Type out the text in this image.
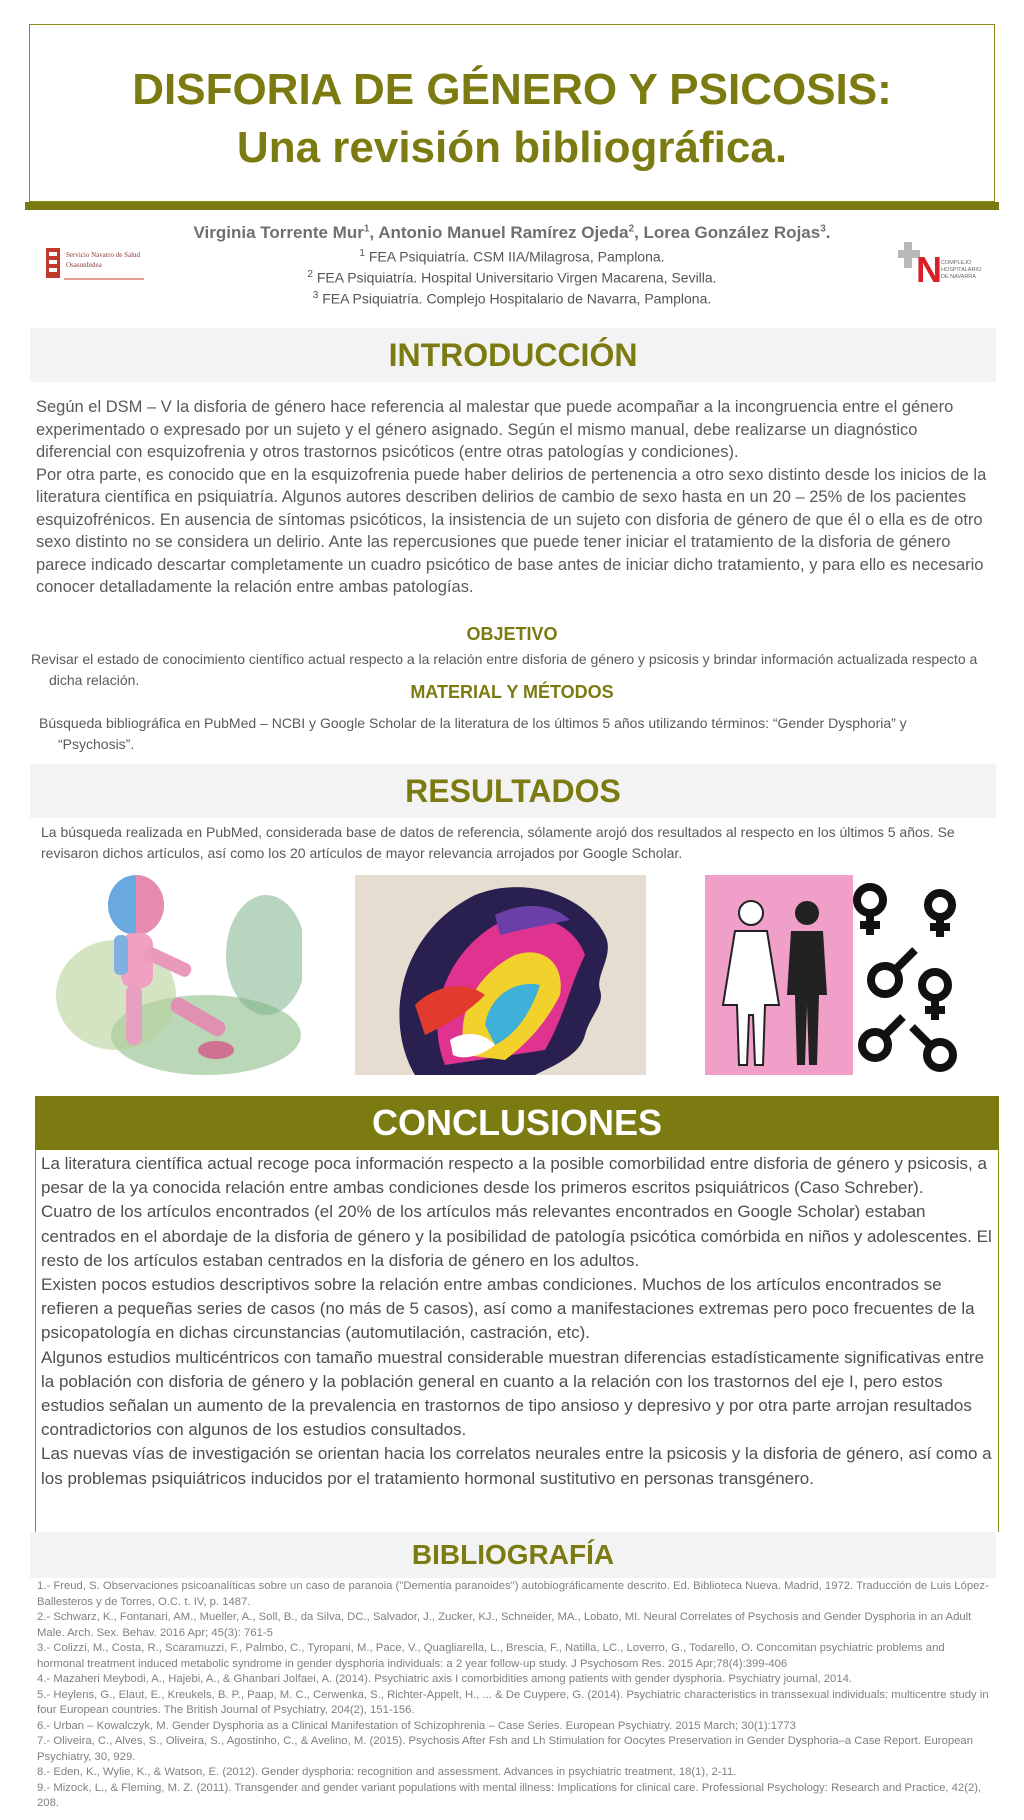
DISFORIA DE GÉNERO Y PSICOSIS:
Una revisión bibliográfica.
Virginia Torrente Mur$^1$, Antonio Manuel Ramírez Ojeda$^2$, Lorea González Rojas$^3$.
$^1$ FEA Psiquiatría. CSM IIA/Milagrosa, Pamplona.
$^2$ FEA Psiquiatría. Hospital Universitario Virgen Macarena, Sevilla.
$^3$ FEA Psiquiatría. Complejo Hospitalario de Navarra, Pamplona.
Servicio Navarro de Salud
Osasunbidea	N COMPLEJO
HOSPITALARIO
DE NAVARRA
INTRODUCCIÓN
Según el DSM – V la disforia de género hace referencia al malestar que puede acompañar a la incongruencia entre el género experimentado o expresado por un sujeto y el género asignado. Según el mismo manual, debe realizarse un diagnóstico diferencial con esquizofrenia y otros trastornos psicóticos (entre otras patologías y condiciones).
Por otra parte, es conocido que en la esquizofrenia puede haber delirios de pertenencia a otro sexo distinto desde los inicios de la literatura científica en psiquiatría. Algunos autores describen delirios de cambio de sexo hasta en un 20 – 25% de los pacientes esquizofrénicos. En ausencia de síntomas psicóticos, la insistencia de un sujeto con disforia de género de que él o ella es de otro sexo distinto no se considera un delirio. Ante las repercusiones que puede tener iniciar el tratamiento de la disforia de género parece indicado descartar completamente un cuadro psicótico de base antes de iniciar dicho tratamiento, y para ello es necesario conocer detalladamente la relación entre ambas patologías.
OBJETIVO
Revisar el estado de conocimiento científico actual respecto a la relación entre disforia de género y psicosis y brindar información actualizada respecto a dicha relación.
MATERIAL Y MÉTODOS
Búsqueda bibliográfica en PubMed – NCBI y Google Scholar de la literatura de los últimos 5 años utilizando términos: “Gender Dysphoria” y “Psychosis”.
RESULTADOS
La búsqueda realizada en PubMed, considerada base de datos de referencia, sólamente arojó dos resultados al respecto en los últimos 5 años. Se revisaron dichos artículos, así como los 20 artículos de mayor relevancia arrojados por Google Scholar.
CONCLUSIONES
La literatura científica actual recoge poca información respecto a la posible comorbilidad entre disforia de género y psicosis, a pesar de la ya conocida relación entre ambas condiciones desde los primeros escritos psiquiátricos (Caso Schreber).
Cuatro de los artículos encontrados (el 20% de los artículos más relevantes encontrados en Google Scholar) estaban centrados en el abordaje de la disforia de género y la posibilidad de patología psicótica comórbida en niños y adolescentes. El resto de los artículos estaban centrados en la disforia de género en los adultos.
Existen pocos estudios descriptivos sobre la relación entre ambas condiciones. Muchos de los artículos encontrados se refieren a pequeñas series de casos (no más de 5 casos), así como a manifestaciones extremas pero poco frecuentes de la psicopatología en dichas circunstancias (automutilación, castración, etc).
Algunos estudios multicéntricos con tamaño muestral considerable muestran diferencias estadísticamente significativas entre la población con disforia de género y la población general en cuanto a la relación con los trastornos del eje I, pero estos estudios señalan un aumento de la prevalencia en trastornos de tipo ansioso y depresivo y por otra parte arrojan resultados contradictorios con algunos de los estudios consultados.
Las nuevas vías de investigación se orientan hacia los correlatos neurales entre la psicosis y la disforia de género, así como a los problemas psiquiátricos inducidos por el tratamiento hormonal sustitutivo en personas transgénero.
BIBLIOGRAFÍA
1.- Freud, S. Observaciones psicoanalíticas sobre un caso de paranoia ("Dementia paranoides") autobiográficamente descrito. Ed. Biblioteca Nueva. Madrid, 1972. Traducción de Luis López- Ballesteros y de Torres, O.C. t. IV, p. 1487.
2.- Schwarz, K., Fontanari, AM., Mueller, A., Soll, B., da Silva, DC., Salvador, J., Zucker, KJ., Schneider, MA., Lobato, MI. Neural Correlates of Psychosis and Gender Dysphoria in an Adult Male. Arch. Sex. Behav. 2016 Apr; 45(3): 761-5
3.- Colizzi, M., Costa, R., Scaramuzzi, F., Palmbo, C., Tyropani, M., Pace, V., Quagliarella, L., Brescia, F., Natilla, LC., Loverro, G., Todarello, O. Concomitan psychiatric problems and hormonal treatment induced metabolic syndrome in gender dysphoria individuals: a 2 year follow-up study. J Psychosom Res. 2015 Apr;78(4):399-406
4.- Mazaheri Meybodi, A., Hajebi, A., & Ghanbari Jolfaei, A. (2014). Psychiatric axis I comorbidities among patients with gender dysphoria. Psychiatry journal, 2014.
5.- Heylens, G., Elaut, E., Kreukels, B. P., Paap, M. C., Cerwenka, S., Richter-Appelt, H., ... & De Cuypere, G. (2014). Psychiatric characteristics in transsexual individuals: multicentre study in four European countries. The British Journal of Psychiatry, 204(2), 151-156.
6.- Urban – Kowalczyk, M. Gender Dysphoria as a Clinical Manifestation of Schizophrenia – Case Series. European Psychiatry. 2015 March; 30(1):1773
7.- Oliveira, C., Alves, S., Oliveira, S., Agostinho, C., & Avelino, M. (2015). Psychosis After Fsh and Lh Stimulation for Oocytes Preservation in Gender Dysphoria–a Case Report. European Psychiatry, 30, 929.
8.- Eden, K., Wylie, K., & Watson, E. (2012). Gender dysphoria: recognition and assessment. Advances in psychiatric treatment, 18(1), 2-11.
9.- Mizock, L., & Fleming, M. Z. (2011). Transgender and gender variant populations with mental illness: Implications for clinical care. Professional Psychology: Research and Practice, 42(2), 208.
